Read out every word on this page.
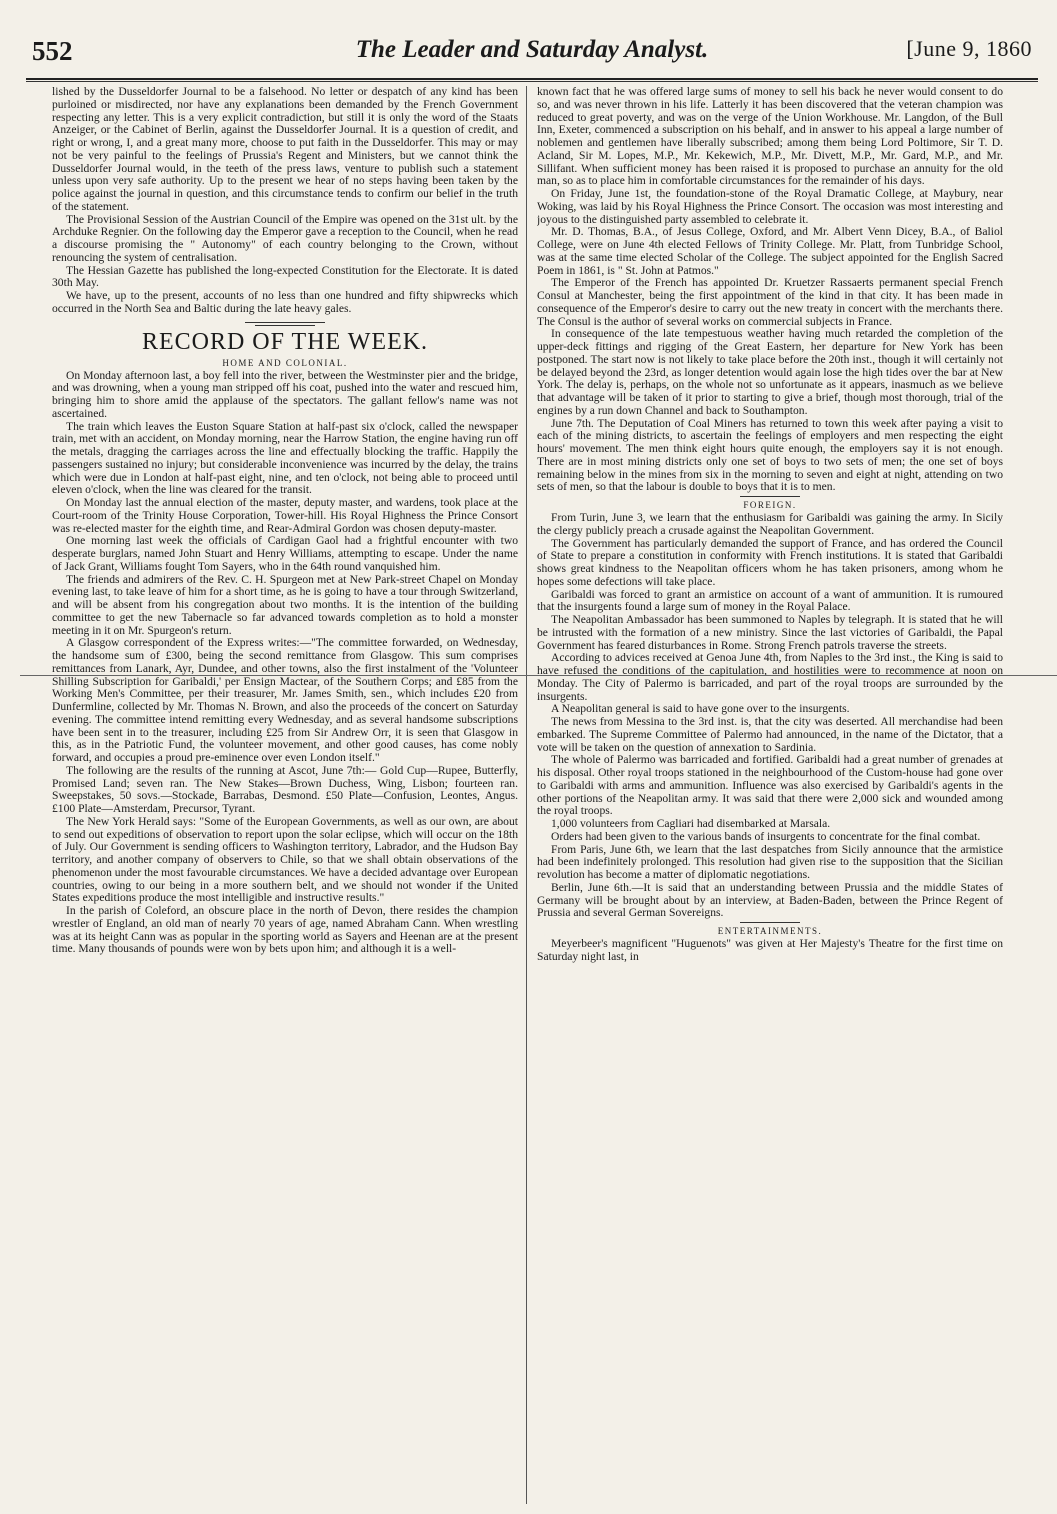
552	The Leader and Saturday Analyst.	[June 9, 1860

lished by the Dusseldorfer Journal to be a falsehood. No letter or despatch of any kind has been purloined or misdirected, nor have any explanations been demanded by the French Government respecting any letter. This is a very explicit contradiction, but still it is only the word of the Staats Anzeiger, or the Cabinet of Berlin, against the Dusseldorfer Journal. It is a question of credit, and right or wrong, I, and a great many more, choose to put faith in the Dusseldorfer. This may or may not be very painful to the feelings of Prussia's Regent and Ministers, but we cannot think the Dusseldorfer Journal would, in the teeth of the press laws, venture to publish such a statement unless upon very safe authority. Up to the present we hear of no steps having been taken by the police against the journal in question, and this circumstance tends to confirm our belief in the truth of the statement.

The Provisional Session of the Austrian Council of the Empire was opened on the 31st ult. by the Archduke Regnier. On the following day the Emperor gave a reception to the Council, when he read a discourse promising the " Autonomy" of each country belonging to the Crown, without renouncing the system of centralisation.

The Hessian Gazette has published the long-expected Constitution for the Electorate. It is dated 30th May.

We have, up to the present, accounts of no less than one hundred and fifty shipwrecks which occurred in the North Sea and Baltic during the late heavy gales.

RECORD OF THE WEEK.
HOME AND COLONIAL.

On Monday afternoon last, a boy fell into the river, between the Westminster pier and the bridge, and was drowning, when a young man stripped off his coat, pushed into the water and rescued him, bringing him to shore amid the applause of the spectators. The gallant fellow's name was not ascertained.

The train which leaves the Euston Square Station at half-past six o'clock, called the newspaper train, met with an accident, on Monday morning, near the Harrow Station, the engine having run off the metals, dragging the carriages across the line and effectually blocking the traffic. Happily the passengers sustained no injury; but considerable inconvenience was incurred by the delay, the trains which were due in London at half-past eight, nine, and ten o'clock, not being able to proceed until eleven o'clock, when the line was cleared for the transit.

On Monday last the annual election of the master, deputy master, and wardens, took place at the Court-room of the Trinity House Corporation, Tower-hill. His Royal Highness the Prince Consort was re-elected master for the eighth time, and Rear-Admiral Gordon was chosen deputy-master.

One morning last week the officials of Cardigan Gaol had a frightful encounter with two desperate burglars, named John Stuart and Henry Williams, attempting to escape. Under the name of Jack Grant, Williams fought Tom Sayers, who in the 64th round vanquished him.

The friends and admirers of the Rev. C. H. Spurgeon met at New Park-street Chapel on Monday evening last, to take leave of him for a short time, as he is going to have a tour through Switzerland, and will be absent from his congregation about two months. It is the intention of the building committee to get the new Tabernacle so far advanced towards completion as to hold a monster meeting in it on Mr. Spurgeon's return.

A Glasgow correspondent of the Express writes:—"The committee forwarded, on Wednesday, the handsome sum of £300, being the second remittance from Glasgow. This sum comprises remittances from Lanark, Ayr, Dundee, and other towns, also the first instalment of the 'Volunteer Shilling Subscription for Garibaldi,' per Ensign Mactear, of the Southern Corps; and £85 from the Working Men's Committee, per their treasurer, Mr. James Smith, sen., which includes £20 from Dunfermline, collected by Mr. Thomas N. Brown, and also the proceeds of the concert on Saturday evening. The committee intend remitting every Wednesday, and as several handsome subscriptions have been sent in to the treasurer, including £25 from Sir Andrew Orr, it is seen that Glasgow in this, as in the Patriotic Fund, the volunteer movement, and other good causes, has come nobly forward, and occupies a proud pre-eminence over even London itself."

The following are the results of the running at Ascot, June 7th:— Gold Cup—Rupee, Butterfly, Promised Land; seven ran. The New Stakes—Brown Duchess, Wing, Lisbon; fourteen ran. Sweepstakes, 50 sovs.—Stockade, Barrabas, Desmond. £50 Plate—Confusion, Leontes, Angus. £100 Plate—Amsterdam, Precursor, Tyrant.

The New York Herald says: "Some of the European Governments, as well as our own, are about to send out expeditions of observation to report upon the solar eclipse, which will occur on the 18th of July. Our Government is sending officers to Washington territory, Labrador, and the Hudson Bay territory, and another company of observers to Chile, so that we shall obtain observations of the phenomenon under the most favourable circumstances. We have a decided advantage over European countries, owing to our being in a more southern belt, and we should not wonder if the United States expeditions produce the most intelligible and instructive results."

In the parish of Coleford, an obscure place in the north of Devon, there resides the champion wrestler of England, an old man of nearly 70 years of age, named Abraham Cann. When wrestling was at its height Cann was as popular in the sporting world as Sayers and Heenan are at the present time. Many thousands of pounds were won by bets upon him; and although it is a well-

known fact that he was offered large sums of money to sell his back he never would consent to do so, and was never thrown in his life. Latterly it has been discovered that the veteran champion was reduced to great poverty, and was on the verge of the Union Workhouse. Mr. Langdon, of the Bull Inn, Exeter, commenced a subscription on his behalf, and in answer to his appeal a large number of noblemen and gentlemen have liberally subscribed; among them being Lord Poltimore, Sir T. D. Acland, Sir M. Lopes, M.P., Mr. Kekewich, M.P., Mr. Divett, M.P., Mr. Gard, M.P., and Mr. Sillifant. When sufficient money has been raised it is proposed to purchase an annuity for the old man, so as to place him in comfortable circumstances for the remainder of his days.

On Friday, June 1st, the foundation-stone of the Royal Dramatic College, at Maybury, near Woking, was laid by his Royal Highness the Prince Consort. The occasion was most interesting and joyous to the distinguished party assembled to celebrate it.

Mr. D. Thomas, B.A., of Jesus College, Oxford, and Mr. Albert Venn Dicey, B.A., of Baliol College, were on June 4th elected Fellows of Trinity College. Mr. Platt, from Tunbridge School, was at the same time elected Scholar of the College. The subject appointed for the English Sacred Poem in 1861, is " St. John at Patmos."

The Emperor of the French has appointed Dr. Kruetzer Rassaerts permanent special French Consul at Manchester, being the first appointment of the kind in that city. It has been made in consequence of the Emperor's desire to carry out the new treaty in concert with the merchants there. The Consul is the author of several works on commercial subjects in France.

In consequence of the late tempestuous weather having much retarded the completion of the upper-deck fittings and rigging of the Great Eastern, her departure for New York has been postponed. The start now is not likely to take place before the 20th inst., though it will certainly not be delayed beyond the 23rd, as longer detention would again lose the high tides over the bar at New York. The delay is, perhaps, on the whole not so unfortunate as it appears, inasmuch as we believe that advantage will be taken of it prior to starting to give a brief, though most thorough, trial of the engines by a run down Channel and back to Southampton.

June 7th. The Deputation of Coal Miners has returned to town this week after paying a visit to each of the mining districts, to ascertain the feelings of employers and men respecting the eight hours' movement. The men think eight hours quite enough, the employers say it is not enough. There are in most mining districts only one set of boys to two sets of men; the one set of boys remaining below in the mines from six in the morning to seven and eight at night, attending on two sets of men, so that the labour is double to boys that it is to men.

FOREIGN.

From Turin, June 3, we learn that the enthusiasm for Garibaldi was gaining the army. In Sicily the clergy publicly preach a crusade against the Neapolitan Government.

The Government has particularly demanded the support of France, and has ordered the Council of State to prepare a constitution in conformity with French institutions. It is stated that Garibaldi shows great kindness to the Neapolitan officers whom he has taken prisoners, among whom he hopes some defections will take place.

Garibaldi was forced to grant an armistice on account of a want of ammunition. It is rumoured that the insurgents found a large sum of money in the Royal Palace.

The Neapolitan Ambassador has been summoned to Naples by telegraph. It is stated that he will be intrusted with the formation of a new ministry. Since the last victories of Garibaldi, the Papal Government has feared disturbances in Rome. Strong French patrols traverse the streets.

According to advices received at Genoa June 4th, from Naples to the 3rd inst., the King is said to have refused the conditions of the capitulation, and hostilities were to recommence at noon on Monday. The City of Palermo is barricaded, and part of the royal troops are surrounded by the insurgents.

A Neapolitan general is said to have gone over to the insurgents.

The news from Messina to the 3rd inst. is, that the city was deserted. All merchandise had been embarked. The Supreme Committee of Palermo had announced, in the name of the Dictator, that a vote will be taken on the question of annexation to Sardinia.

The whole of Palermo was barricaded and fortified. Garibaldi had a great number of grenades at his disposal. Other royal troops stationed in the neighbourhood of the Custom-house had gone over to Garibaldi with arms and ammunition. Influence was also exercised by Garibaldi's agents in the other portions of the Neapolitan army. It was said that there were 2,000 sick and wounded among the royal troops.

1,000 volunteers from Cagliari had disembarked at Marsala.

Orders had been given to the various bands of insurgents to concentrate for the final combat.

From Paris, June 6th, we learn that the last despatches from Sicily announce that the armistice had been indefinitely prolonged. This resolution had given rise to the supposition that the Sicilian revolution has become a matter of diplomatic negotiations.

Berlin, June 6th.—It is said that an understanding between Prussia and the middle States of Germany will be brought about by an interview, at Baden-Baden, between the Prince Regent of Prussia and several German Sovereigns.

ENTERTAINMENTS.

Meyerbeer's magnificent "Huguenots" was given at Her Majesty's Theatre for the first time on Saturday night last, in
